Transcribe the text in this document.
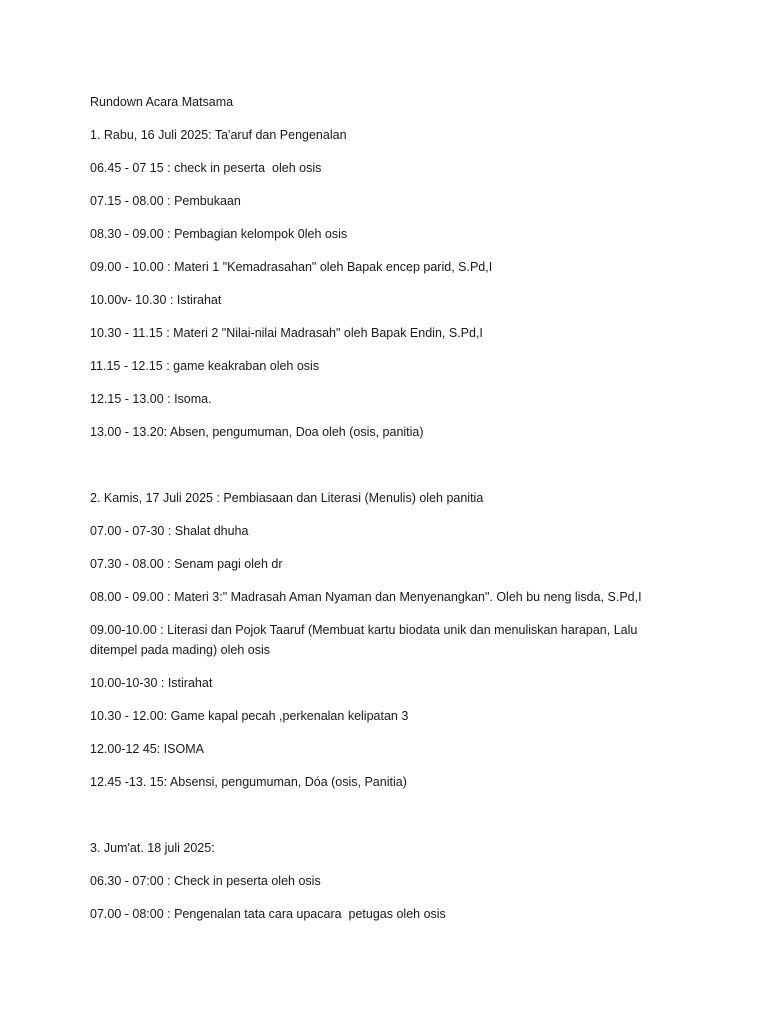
Rundown Acara Matsama

1. Rabu, 16 Juli 2025: Ta'aruf dan Pengenalan

06.45 - 07 15 : check in peserta  oleh osis

07.15 - 08.00 : Pembukaan

08.30 - 09.00 : Pembagian kelompok 0leh osis

09.00 - 10.00 : Materi 1 "Kemadrasahan" oleh Bapak encep parid, S.Pd,I

10.00v- 10.30 : Istirahat

10.30 - 11.15 : Materi 2 "Nilai-nilai Madrasah" oleh Bapak Endin, S.Pd,I

11.15 - 12.15 : game keakraban oleh osis

12.15 - 13.00 : Isoma.

13.00 - 13.20: Absen, pengumuman, Doa oleh (osis, panitia)

2. Kamis, 17 Juli 2025 : Pembiasaan dan Literasi (Menulis) oleh panitia

07.00 - 07-30 : Shalat dhuha

07.30 - 08.00 : Senam pagi oleh dr

08.00 - 09.00 : Materi 3:" Madrasah Aman Nyaman dan Menyenangkan". Oleh bu neng lisda, S.Pd,I

09.00-10.00 : Literasi dan Pojok Taaruf (Membuat kartu biodata unik dan menuliskan harapan, Lalu ditempel pada mading) oleh osis

10.00-10-30 : Istirahat

10.30 - 12.00: Game kapal pecah ,perkenalan kelipatan 3

12.00-12 45: ISOMA

12.45 -13. 15: Absensi, pengumuman, Dóa (osis, Panitia)

3. Jum'at. 18 juli 2025:

06.30 - 07:00 : Check in peserta oleh osis

07.00 - 08:00 : Pengenalan tata cara upacara  petugas oleh osis
